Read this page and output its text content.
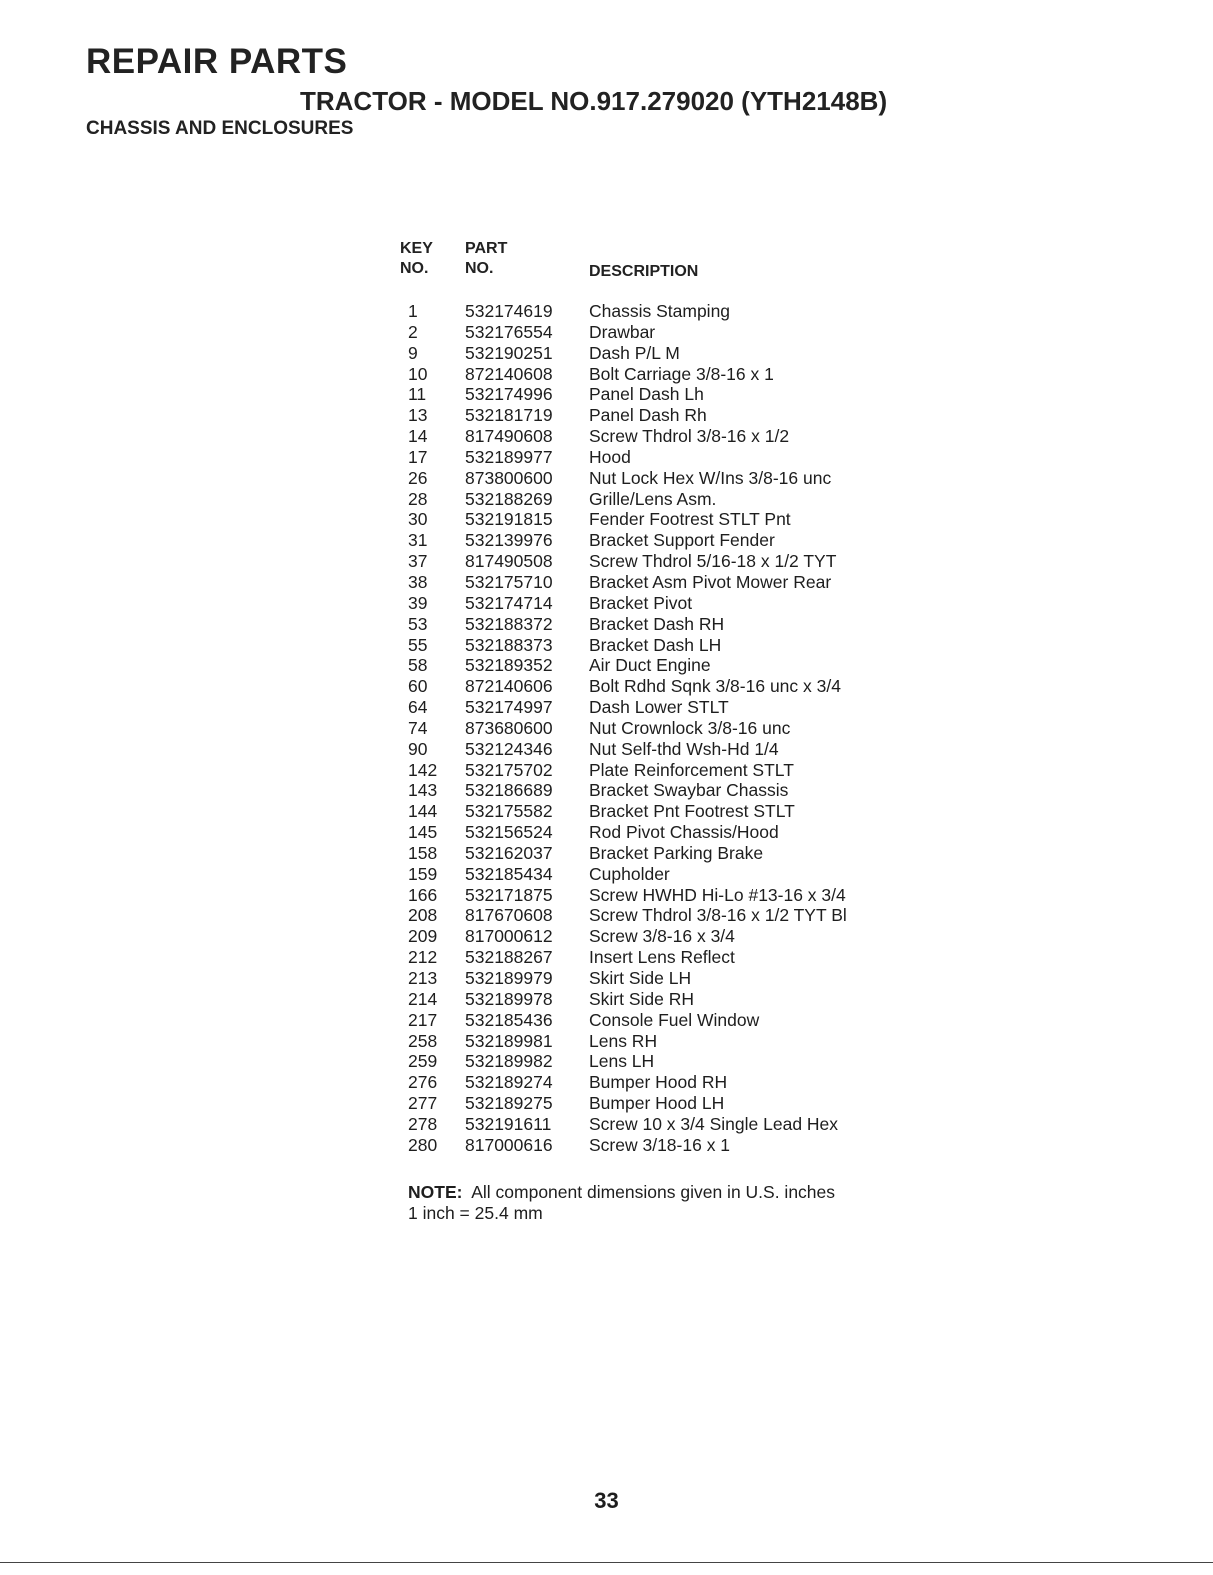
REPAIR PARTS
TRACTOR - MODEL NO.917.279020 (YTH2148B)
CHASSIS AND ENCLOSURES
KEY
NO.
PART
NO.	DESCRIPTION
1	532174619 Chassis Stamping
2	532176554 Drawbar
9	532190251 Dash P/L M
10 872140608 Bolt Carriage 3/8-16 x 1
11 532174996 Panel Dash Lh
13 532181719 Panel Dash Rh
14 817490608 Screw Thdrol 3/8-16 x 1/2
17 532189977 Hood
26 873800600 Nut Lock Hex W/Ins 3/8-16 unc
28 532188269 Grille/Lens Asm.
30 532191815 Fender Footrest STLT Pnt
31 532139976 Bracket Support Fender
37 817490508 Screw Thdrol 5/16-18 x 1/2 TYT
38 532175710 Bracket Asm Pivot Mower Rear
39 532174714 Bracket Pivot
53 532188372 Bracket Dash RH
55 532188373 Bracket Dash LH
58 532189352 Air Duct Engine
60 872140606 Bolt Rdhd Sqnk 3/8-16 unc x 3/4
64 532174997 Dash Lower STLT
74 873680600 Nut Crownlock 3/8-16 unc
90 532124346 Nut Self-thd Wsh-Hd 1/4
142 532175702 Plate Reinforcement STLT
143 532186689 Bracket Swaybar Chassis
144 532175582 Bracket Pnt Footrest STLT
145 532156524 Rod Pivot Chassis/Hood
158 532162037 Bracket Parking Brake
159 532185434 Cupholder
166 532171875 Screw HWHD Hi-Lo #13-16 x 3/4
208 817670608 Screw Thdrol 3/8-16 x 1/2 TYT Bl
209 817000612 Screw 3/8-16 x 3/4
212 532188267 Insert Lens Reflect
213 532189979 Skirt Side LH
214 532189978 Skirt Side RH
217 532185436 Console Fuel Window
258 532189981 Lens RH
259 532189982 Lens LH
276 532189274 Bumper Hood RH
277 532189275 Bumper Hood LH
278 532191611 Screw 10 x 3/4 Single Lead Hex
280 817000616 Screw 3/18-16 x 1
NOTE: All component dimensions given in U.S. inches
1 inch = 25.4 mm
33
